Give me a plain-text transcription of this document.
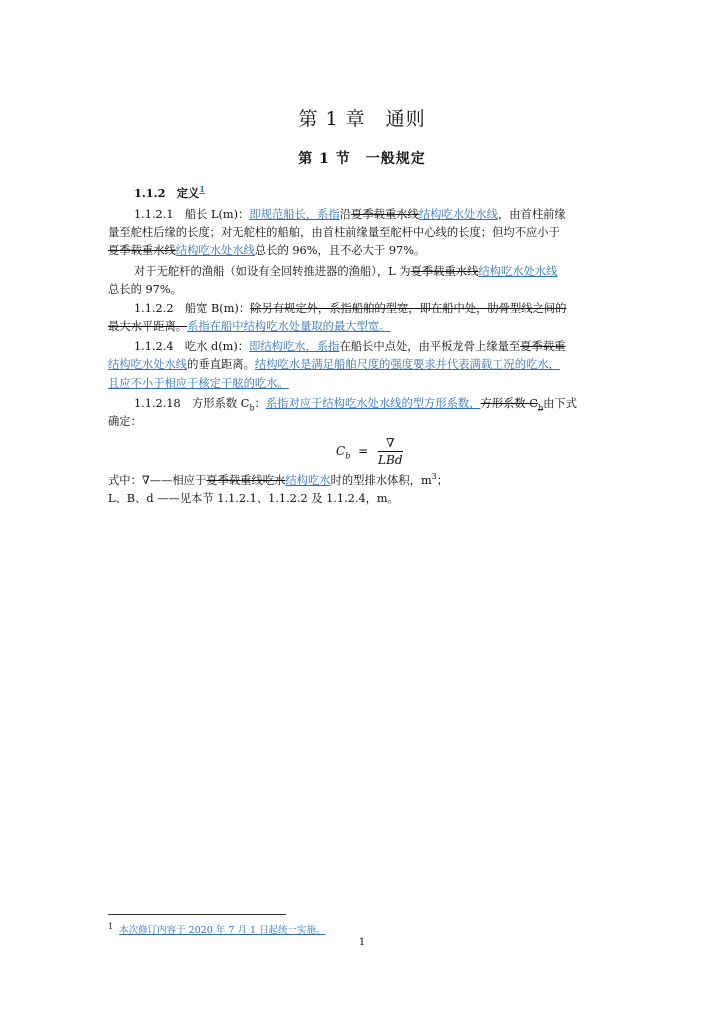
第 1 章　通则
第 1 节　一般规定
1.1.2  定义$^1$
1.1.2.1　船长 L(m)：即规范船长，系指沿夏季载重水线结构吃水处水线，由首柱前缘
量至舵柱后缘的长度；对无舵柱的船舶，由首柱前缘量至舵杆中心线的长度；但均不应小于
夏季载重水线结构吃水处水线总长的 96%，且不必大于 97%。
对于无舵杆的渔船（如设有全回转推进器的渔船），L 为夏季载重水线结构吃水处水线
总长的 97%。
1.1.2.2　船宽 B(m)：除另有规定外，系指船舶的型宽，即在船中处，肋骨型线之间的
最大水平距离。系指在船中结构吃水处量取的最大型宽。
1.1.2.4　吃水 d(m)：即结构吃水，系指在船长中点处，由平板龙骨上缘量至夏季载重
结构吃水处水线的垂直距离。结构吃水是满足船舶尺度的强度要求并代表满载工况的吃水，
且应不小于相应于核定干舷的吃水。
1.1.2.18　方形系数 $C_b$：系指对应于结构吃水处水线的型方形系数，方形系数 $C_b$由下式
确定：
$C_b = \frac{\nabla}{\text{LBd}}$
式中：∇——相应于夏季载重线吃水结构吃水时的型排水体积，$m^3$；
L、B、d ——见本节 1.1.2.1、1.1.2.2 及 1.1.2.4，m。
$^1$ 本次修订内容于 2020 年 7 月 1 日起统一实施。
1
